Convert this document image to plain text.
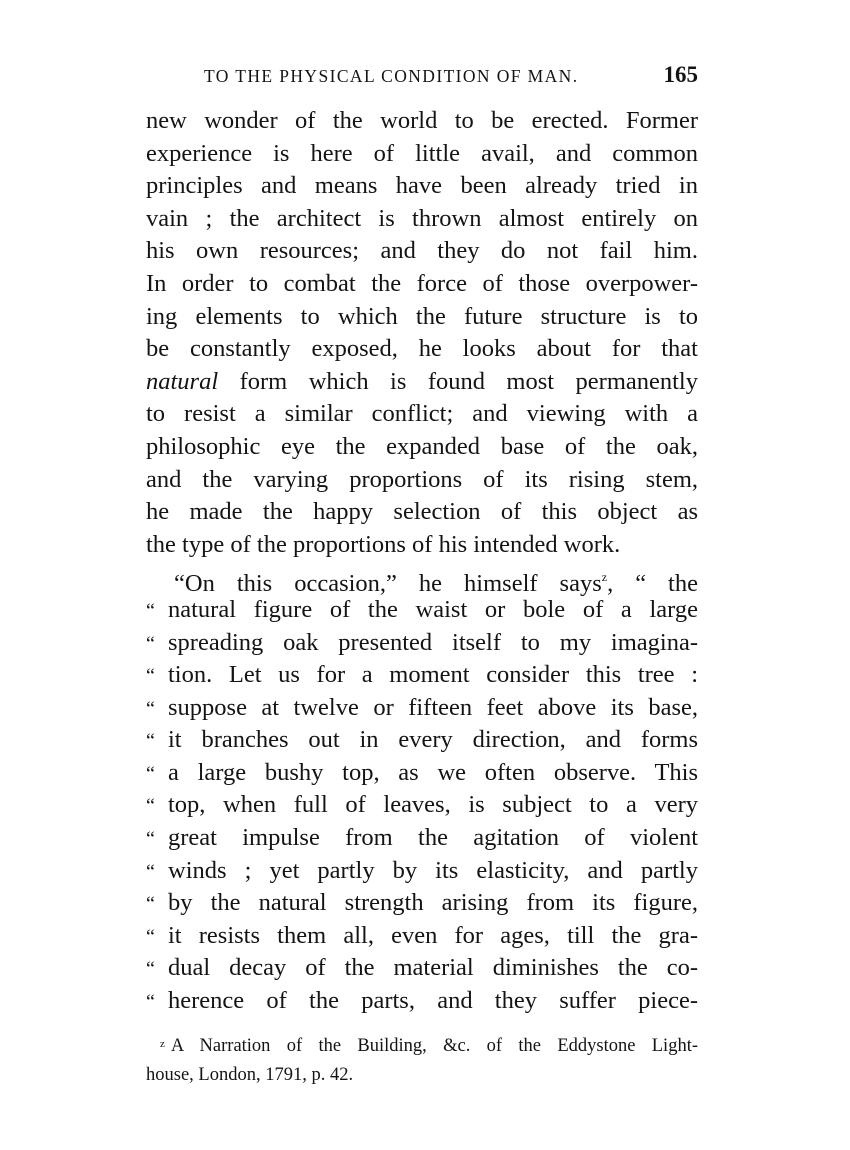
TO THE PHYSICAL CONDITION OF MAN.	165
new wonder of the world to be erected. Former
experience is here of little avail, and common
principles and means have been already tried in
vain ; the architect is thrown almost entirely on
his own resources; and they do not fail him.
In order to combat the force of those overpower-
ing elements to which the future structure is to
be constantly exposed, he looks about for that
natural form which is found most permanently
to resist a similar conflict; and viewing with a
philosophic eye the expanded base of the oak,
and the varying proportions of its rising stem,
he made the happy selection of this object as
the type of the proportions of his intended work.
“On this occasion,” he himself says$^z$, “ the
“ natural figure of the waist or bole of a large
“ spreading oak presented itself to my imagina-
“ tion. Let us for a moment consider this tree :
“ suppose at twelve or fifteen feet above its base,
“ it branches out in every direction, and forms
“ a large bushy top, as we often observe. This
“ top, when full of leaves, is subject to a very
“ great impulse from the agitation of violent
“ winds ; yet partly by its elasticity, and partly
“ by the natural strength arising from its figure,
“ it resists them all, even for ages, till the gra-
“ dual decay of the material diminishes the co-
“ herence of the parts, and they suffer piece-
$^z$ A Narration of the Building, &c. of the Eddystone Light-
house, London, 1791, p. 42.
